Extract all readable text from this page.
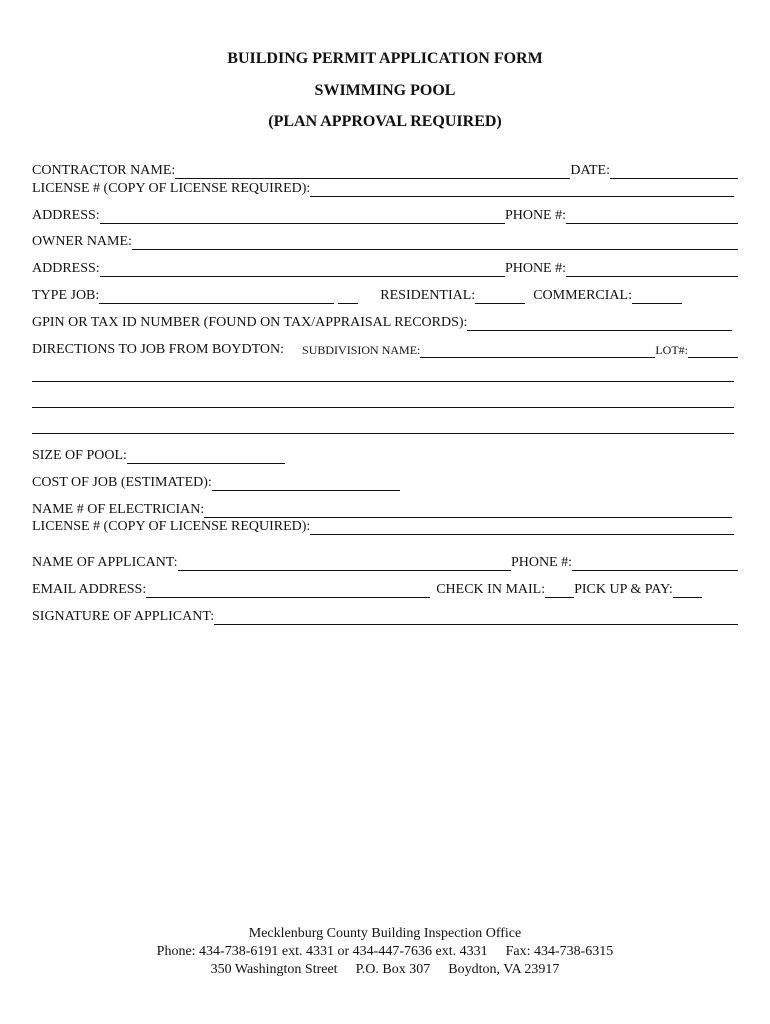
BUILDING PERMIT APPLICATION FORM
SWIMMING POOL
(PLAN APPROVAL REQUIRED)
CONTRACTOR NAME:	DATE:
LICENSE # (COPY OF LICENSE REQUIRED):
ADDRESS:	PHONE #:
OWNER NAME:
ADDRESS:	PHONE #:
TYPE JOB:	RESIDENTIAL:	COMMERCIAL:
GPIN OR TAX ID NUMBER (FOUND ON TAX/APPRAISAL RECORDS):
DIRECTIONS TO JOB FROM BOYDTON: SUBDIVISION NAME:	LOT#:
SIZE OF POOL:
COST OF JOB (ESTIMATED):
NAME # OF ELECTRICIAN:
LICENSE # (COPY OF LICENSE REQUIRED):
NAME OF APPLICANT:	PHONE #:
EMAIL ADDRESS:	CHECK IN MAIL: PICK UP & PAY:
SIGNATURE OF APPLICANT:
Mecklenburg County Building Inspection Office
Phone: 434-738-6191 ext. 4331 or 434-447-7636 ext. 4331 Fax: 434-738-6315
350 Washington Street P.O. Box 307 Boydton, VA 23917
